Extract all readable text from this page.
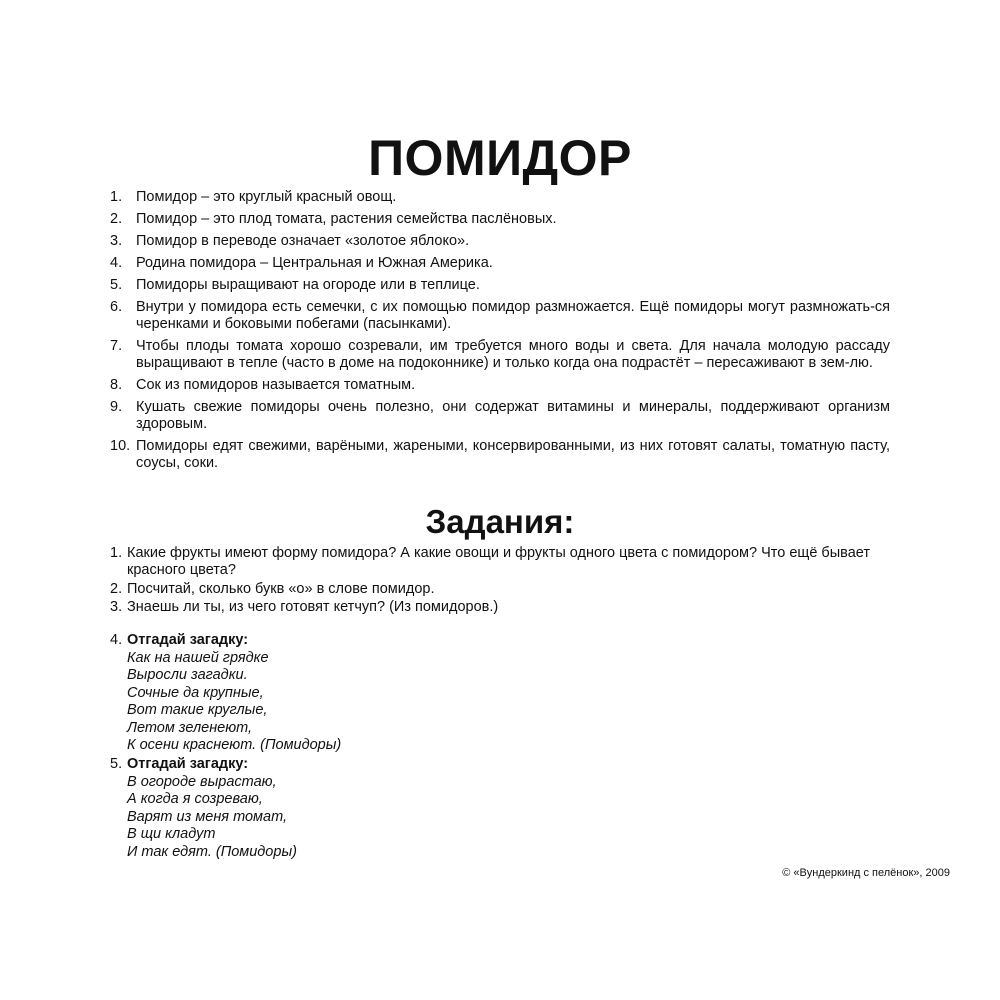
ПОМИДОР
1. Помидор – это круглый красный овощ.
2. Помидор – это плод томата, растения семейства паслёновых.
3. Помидор в переводе означает «золотое яблоко».
4. Родина помидора – Центральная и Южная Америка.
5. Помидоры выращивают на огороде или в теплице.
6. Внутри у помидора есть семечки, с их помощью помидор размножается. Ещё помидоры могут размножать-ся черенками и боковыми побегами (пасынками).
7. Чтобы плоды томата хорошо созревали, им требуется много воды и света. Для начала молодую рассаду выращивают в тепле (часто в доме на подоконнике) и только когда она подрастёт – пересаживают в зем-лю.
8. Сок из помидоров называется томатным.
9. Кушать свежие помидоры очень полезно, они содержат витамины и минералы, поддерживают организм здоровым.
10. Помидоры едят свежими, варёными, жареными, консервированными, из них готовят салаты, томатную пасту, соусы, соки.
Задания:
1. Какие фрукты имеют форму помидора? А какие овощи и фрукты одного цвета с помидором? Что ещё бывает красного цвета?
2. Посчитай, сколько букв «о» в слове помидор.
3. Знаешь ли ты, из чего готовят кетчуп? (Из помидоров.)
4. Отгадай загадку:
Как на нашей грядке
Выросли загадки.
Сочные да крупные,
Вот такие круглые,
Летом зеленеют,
К осени краснеют. (Помидоры)
5. Отгадай загадку:
В огороде вырастаю,
А когда я созреваю,
Варят из меня томат,
В щи кладут
И так едят. (Помидоры)
© «Вундеркинд с пелёнок», 2009
